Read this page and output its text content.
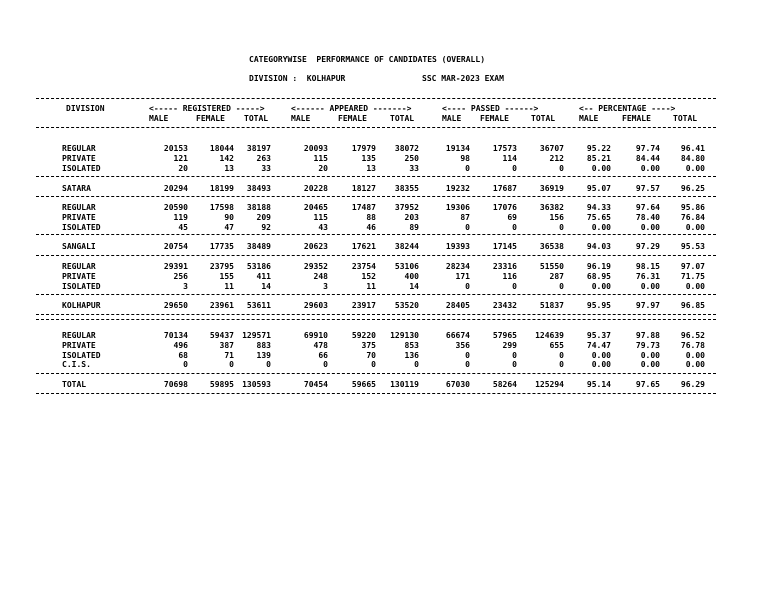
CATEGORYWISE  PERFORMANCE OF CANDIDATES (OVERALL)
DIVISION :  KOLHAPUR	SSC MAR-2023 EXAM
DIVISION	<----- REGISTERED ----->	<------ APPEARED ------->	<---- PASSED ------>	<-- PERCENTAGE ---->
MALE	FEMALE TOTAL	MALE	FEMALE	TOTAL	MALE FEMALE	TOTAL	MALE	FEMALE	TOTAL
REGULAR	20153	18044 38197	20093	17979 38072	19134	17573	36707	95.22	97.74	96.41
PRIVATE	121	142	263	115	135	250	98	114	212	85.21	84.44	84.80
ISOLATED	20	13	33	20	13	33	0	0	0	0.00	0.00	0.00
SATARA	20294	18199 38493	20228	18127 38355	19232	17687	36919	95.07	97.57	96.25
REGULAR	20590	17598 38188	20465	17487 37952	19306	17076	36382	94.33	97.64	95.86
PRIVATE	119	90	209	115	88	203	87	69	156	75.65	78.40	76.84
ISOLATED	45	47	92	43	46	89	0	0	0	0.00	0.00	0.00
SANGALI	20754	17735 38489	20623	17621 38244	19393	17145	36538	94.03	97.29	95.53
REGULAR	29391	23795 53186	29352	23754 53106	28234	23316	51550	96.19	98.15	97.07
PRIVATE	256	155	411	248	152	400	171	116	287	68.95	76.31	71.75
ISOLATED	3	11	14	3	11	14	0	0	0	0.00	0.00	0.00
KOLHAPUR	29650	23961 53611	29603	23917 53520	28405	23432	51837	95.95	97.97	96.85
REGULAR	70134	59437 129571	69910	59220 129130	66674	57965 124639	95.37	97.88	96.52
PRIVATE	496	387	883	478	375	853	356	299	655	74.47	79.73	76.78
ISOLATED	68	71	139	66	70	136	0	0	0	0.00	0.00	0.00
C.I.S.	0	0	0	0	0	0	0	0	0	0.00	0.00	0.00
TOTAL	70698	59895 130593	70454	59665 130119	67030	58264 125294	95.14	97.65	96.29
